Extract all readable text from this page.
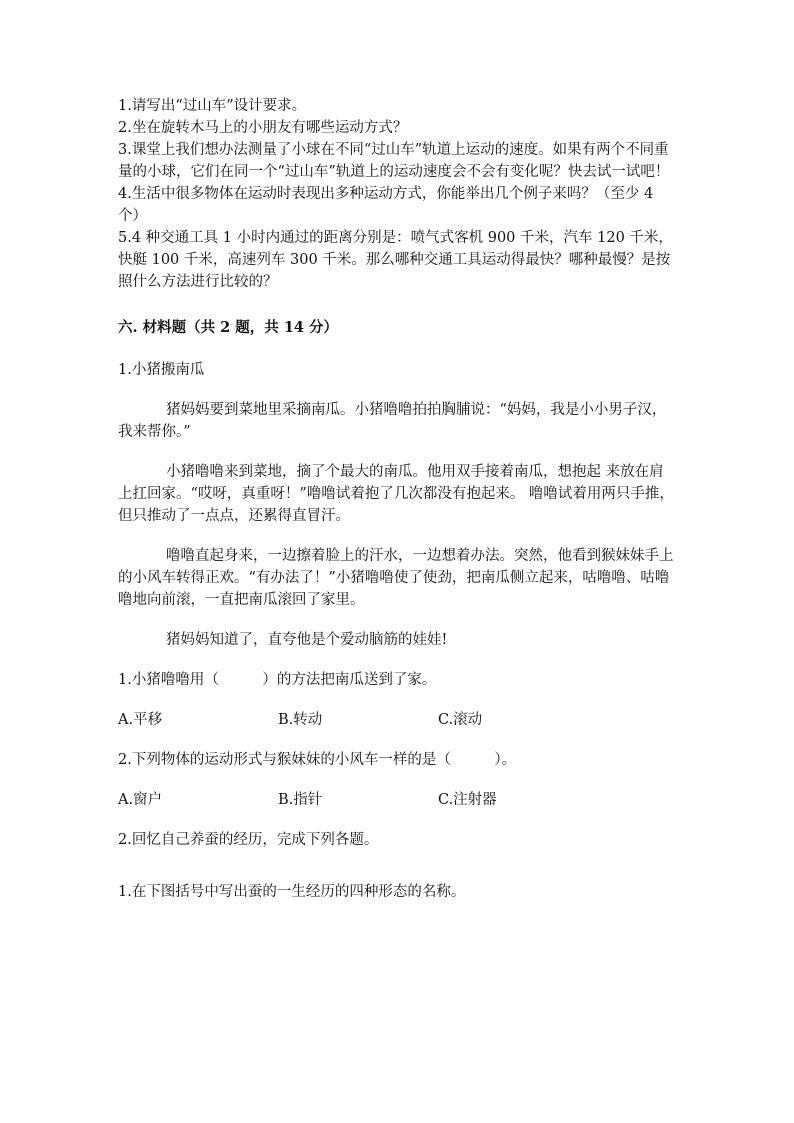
1.请写出“过山车”设计要求。

2.坐在旋转木马上的小朋友有哪些运动方式？

3.课堂上我们想办法测量了小球在不同“过山车”轨道上运动的速度。如果有两个不同重量的小球，它们在同一个“过山车”轨道上的运动速度会不会有变化呢？快去试一试吧！

4.生活中很多物体在运动时表现出多种运动方式，你能举出几个例子来吗？（至少 4 个）

5.4 种交通工具 1 小时内通过的距离分别是：喷气式客机 900 千米，汽车 120 千米，快艇 100 千米，高速列车 300 千米。那么哪种交通工具运动得最快？哪种最慢？是按照什么方法进行比较的？

六. 材料题（共 2 题，共 14 分）

1.小猪搬南瓜

猪妈妈要到菜地里采摘南瓜。小猪噜噜拍拍胸脯说：“妈妈，我是小小男子汉，我来帮你。”

小猪噜噜来到菜地，摘了个最大的南瓜。他用双手接着南瓜，想抱起 来放在肩上扛回家。“哎呀，真重呀！”噜噜试着抱了几次都没有抱起来。 噜噜试着用两只手推，但只推动了一点点，还累得直冒汗。

噜噜直起身来，一边擦着脸上的汗水，一边想着办法。突然，他看到猴妹妹手上的小风车转得正欢。“有办法了！”小猪噜噜使了使劲，把南瓜侧立起来，咕噜噜、咕噜噜地向前滚，一直把南瓜滚回了家里。

猪妈妈知道了，直夸他是个爱动脑筋的娃娃!

1.小猪噜噜用（　　　）的方法把南瓜送到了家。

A.平移	B.转动	C.滚动

2.下列物体的运动形式与猴妹妹的小风车一样的是（　　　）。

A.窗户	B.指针	C.注射器

2.回忆自己养蚕的经历，完成下列各题。

1.在下图括号中写出蚕的一生经历的四种形态的名称。
